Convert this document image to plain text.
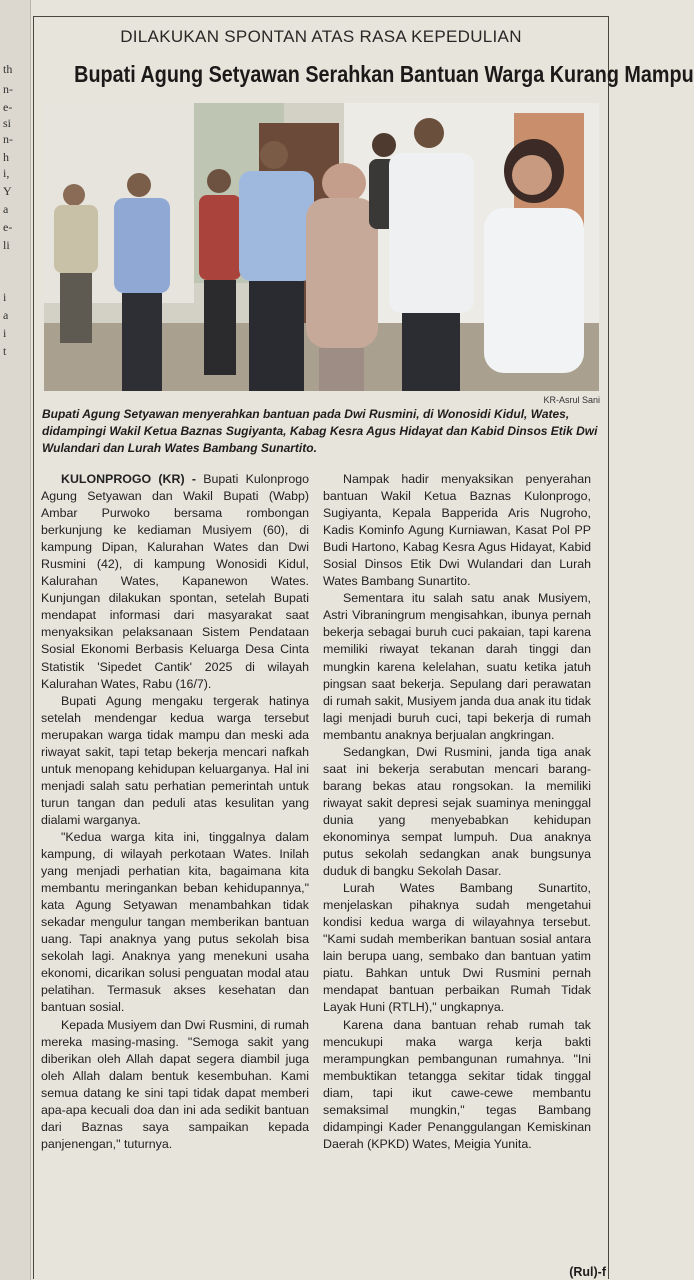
th
n-
e-
si
n-
h
i,
Y
a
e-
li
i
a
i
t
DILAKUKAN SPONTAN ATAS RASA KEPEDULIAN
Bupati Agung Setyawan Serahkan Bantuan Warga Kurang Mampu
KR-Asrul Sani
Bupati Agung Setyawan menyerahkan bantuan pada Dwi Rusmini, di Wonosidi Kidul, Wates, didampingi Wakil Ketua Baznas Sugiyanta, Kabag Kesra Agus Hidayat dan Kabid Dinsos Etik Dwi Wulandari dan Lurah Wates Bambang Sunartito.

KULONPROGO (KR) - Bupati Kulonprogo Agung Setyawan dan Wakil Bupati (Wabp) Ambar Purwoko bersama rombongan berkunjung ke kediaman Musiyem (60), di kampung Dipan, Kalurahan Wates dan Dwi Rusmini (42), di kampung Wonosidi Kidul, Kalurahan Wates, Kapanewon Wates. Kunjungan dilakukan spontan, setelah Bupati mendapat informasi dari masyarakat saat menyaksikan pelaksanaan Sistem Pendataan Sosial Ekonomi Berbasis Keluarga Desa Cinta Statistik 'Sipedet Cantik' 2025 di wilayah Kalurahan Wates, Rabu (16/7).

Bupati Agung mengaku tergerak hatinya setelah mendengar kedua warga tersebut merupakan warga tidak mampu dan meski ada riwayat sakit, tapi tetap bekerja mencari nafkah untuk menopang kehidupan keluarganya. Hal ini menjadi salah satu perhatian pemerintah untuk turun tangan dan peduli atas kesulitan yang dialami warganya.

"Kedua warga kita ini, tinggalnya dalam kampung, di wilayah perkotaan Wates. Inilah yang menjadi perhatian kita, bagaimana kita membantu meringankan beban kehidupannya," kata Agung Setyawan menambahkan tidak sekadar mengulur tangan memberikan bantuan uang. Tapi anaknya yang putus sekolah bisa sekolah lagi. Anaknya yang menekuni usaha ekonomi, dicarikan solusi penguatan modal atau pelatihan. Termasuk akses kesehatan dan bantuan sosial.

Kepada Musiyem dan Dwi Rusmini, di rumah mereka masing-masing. "Semoga sakit yang diberikan oleh Allah dapat segera diambil juga oleh Allah dalam bentuk kesembuhan. Kami semua datang ke sini tapi tidak dapat memberi apa-apa kecuali doa dan ini ada sedikit bantuan dari Baznas saya sampaikan kepada panjenengan," tuturnya.

Nampak hadir menyaksikan penyerahan bantuan Wakil Ketua Baznas Kulonprogo, Sugiyanta, Kepala Bapperida Aris Nugroho, Kadis Kominfo Agung Kurniawan, Kasat Pol PP Budi Hartono, Kabag Kesra Agus Hidayat, Kabid Sosial Dinsos Etik Dwi Wulandari dan Lurah Wates Bambang Sunartito.

Sementara itu salah satu anak Musiyem, Astri Vibraningrum mengisahkan, ibunya pernah bekerja sebagai buruh cuci pakaian, tapi karena memiliki riwayat tekanan darah tinggi dan mungkin karena kelelahan, suatu ketika jatuh pingsan saat bekerja. Sepulang dari perawatan di rumah sakit, Musiyem janda dua anak itu tidak lagi menjadi buruh cuci, tapi bekerja di rumah membantu anaknya berjualan angkringan.

Sedangkan, Dwi Rusmini, janda tiga anak saat ini bekerja serabutan mencari barang-barang bekas atau rongsokan. Ia memiliki riwayat sakit depresi sejak suaminya meninggal dunia yang menyebabkan kehidupan ekonominya sempat lumpuh. Dua anaknya putus sekolah sedangkan anak bungsunya duduk di bangku Sekolah Dasar.

Lurah Wates Bambang Sunartito, menjelaskan pihaknya sudah mengetahui kondisi kedua warga di wilayahnya tersebut. "Kami sudah memberikan bantuan sosial antara lain berupa uang, sembako dan bantuan yatim piatu. Bahkan untuk Dwi Rusmini pernah mendapat bantuan perbaikan Rumah Tidak Layak Huni (RTLH)," ungkapnya.

Karena dana bantuan rehab rumah tak mencukupi maka warga kerja bakti merampungkan pembangunan rumahnya. "Ini membuktikan tetangga sekitar tidak tinggal diam, tapi ikut cawe-cewe membantu semaksimal mungkin," tegas Bambang didampingi Kader Penanggulangan Kemiskinan Daerah (KPKD) Wates, Meigia Yunita.

(Rul)-f
